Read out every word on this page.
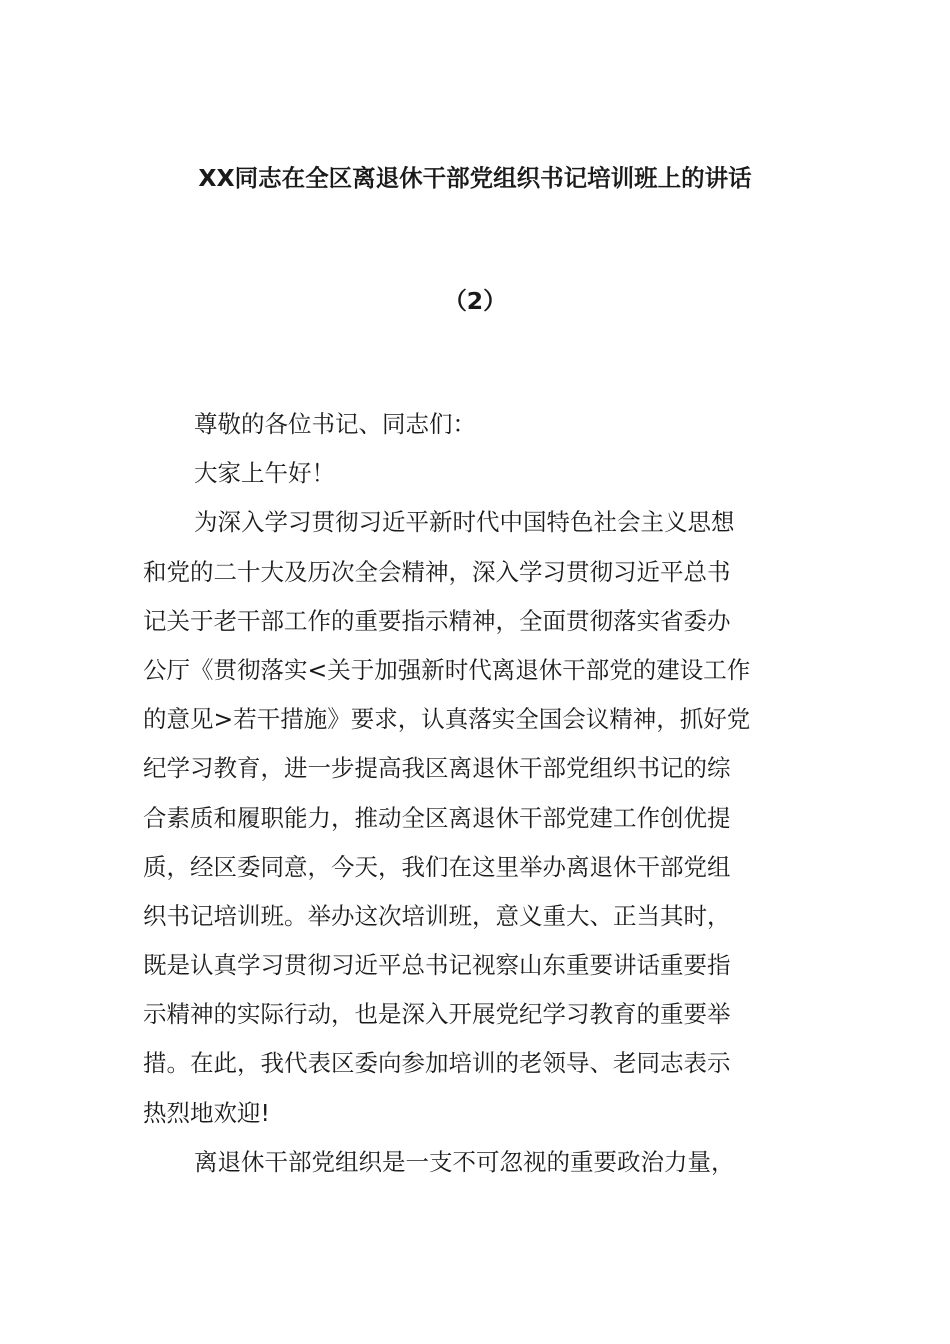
XX同志在全区离退休干部党组织书记培训班上的讲话
（2）
尊敬的各位书记、同志们：
大家上午好！
为深入学习贯彻习近平新时代中国特色社会主义思想
和党的二十大及历次全会精神，深入学习贯彻习近平总书
记关于老干部工作的重要指示精神，全面贯彻落实省委办
公厅《贯彻落实<关于加强新时代离退休干部党的建设工作
的意见>若干措施》要求，认真落实全国会议精神，抓好党
纪学习教育，进一步提高我区离退休干部党组织书记的综
合素质和履职能力，推动全区离退休干部党建工作创优提
质，经区委同意，今天，我们在这里举办离退休干部党组
织书记培训班。举办这次培训班，意义重大、正当其时，
既是认真学习贯彻习近平总书记视察山东重要讲话重要指
示精神的实际行动，也是深入开展党纪学习教育的重要举
措。在此，我代表区委向参加培训的老领导、老同志表示
热烈地欢迎!
离退休干部党组织是一支不可忽视的重要政治力量，
